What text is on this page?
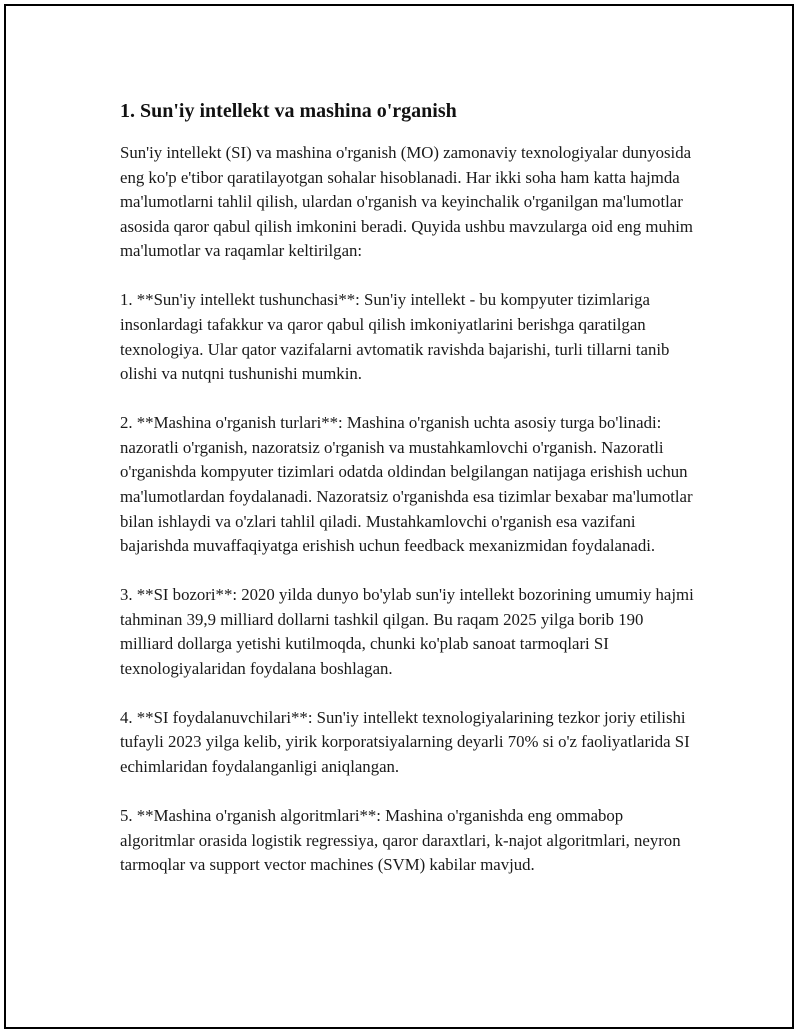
1. Sun'iy intellekt va mashina o'rganish

Sun'iy intellekt (SI) va mashina o'rganish (MO) zamonaviy texnologiyalar dunyosida eng ko'p e'tibor qaratilayotgan sohalar hisoblanadi. Har ikki soha ham katta hajmda ma'lumotlarni tahlil qilish, ulardan o'rganish va keyinchalik o'rganilgan ma'lumotlar asosida qaror qabul qilish imkonini beradi. Quyida ushbu mavzularga oid eng muhim ma'lumotlar va raqamlar keltirilgan:

1. **Sun'iy intellekt tushunchasi**: Sun'iy intellekt - bu kompyuter tizimlariga insonlardagi tafakkur va qaror qabul qilish imkoniyatlarini berishga qaratilgan texnologiya. Ular qator vazifalarni avtomatik ravishda bajarishi, turli tillarni tanib olishi va nutqni tushunishi mumkin.

2. **Mashina o'rganish turlari**: Mashina o'rganish uchta asosiy turga bo'linadi: nazoratli o'rganish, nazoratsiz o'rganish va mustahkamlovchi o'rganish. Nazoratli o'rganishda kompyuter tizimlari odatda oldindan belgilangan natijaga erishish uchun ma'lumotlardan foydalanadi. Nazoratsiz o'rganishda esa tizimlar bexabar ma'lumotlar bilan ishlaydi va o'zlari tahlil qiladi. Mustahkamlovchi o'rganish esa vazifani bajarishda muvaffaqiyatga erishish uchun feedback mexanizmidan foydalanadi.

3. **SI bozori**: 2020 yilda dunyo bo'ylab sun'iy intellekt bozorining umumiy hajmi tahminan 39,9 milliard dollarni tashkil qilgan. Bu raqam 2025 yilga borib 190 milliard dollarga yetishi kutilmoqda, chunki ko'plab sanoat tarmoqlari SI texnologiyalaridan foydalana boshlagan.

4. **SI foydalanuvchilari**: Sun'iy intellekt texnologiyalarining tezkor joriy etilishi tufayli 2023 yilga kelib, yirik korporatsiyalarning deyarli 70% si o'z faoliyatlarida SI echimlaridan foydalanganligi aniqlangan.

5. **Mashina o'rganish algoritmlari**: Mashina o'rganishda eng ommabop algoritmlar orasida logistik regressiya, qaror daraxtlari, k-najot algoritmlari, neyron tarmoqlar va support vector machines (SVM) kabilar mavjud.
